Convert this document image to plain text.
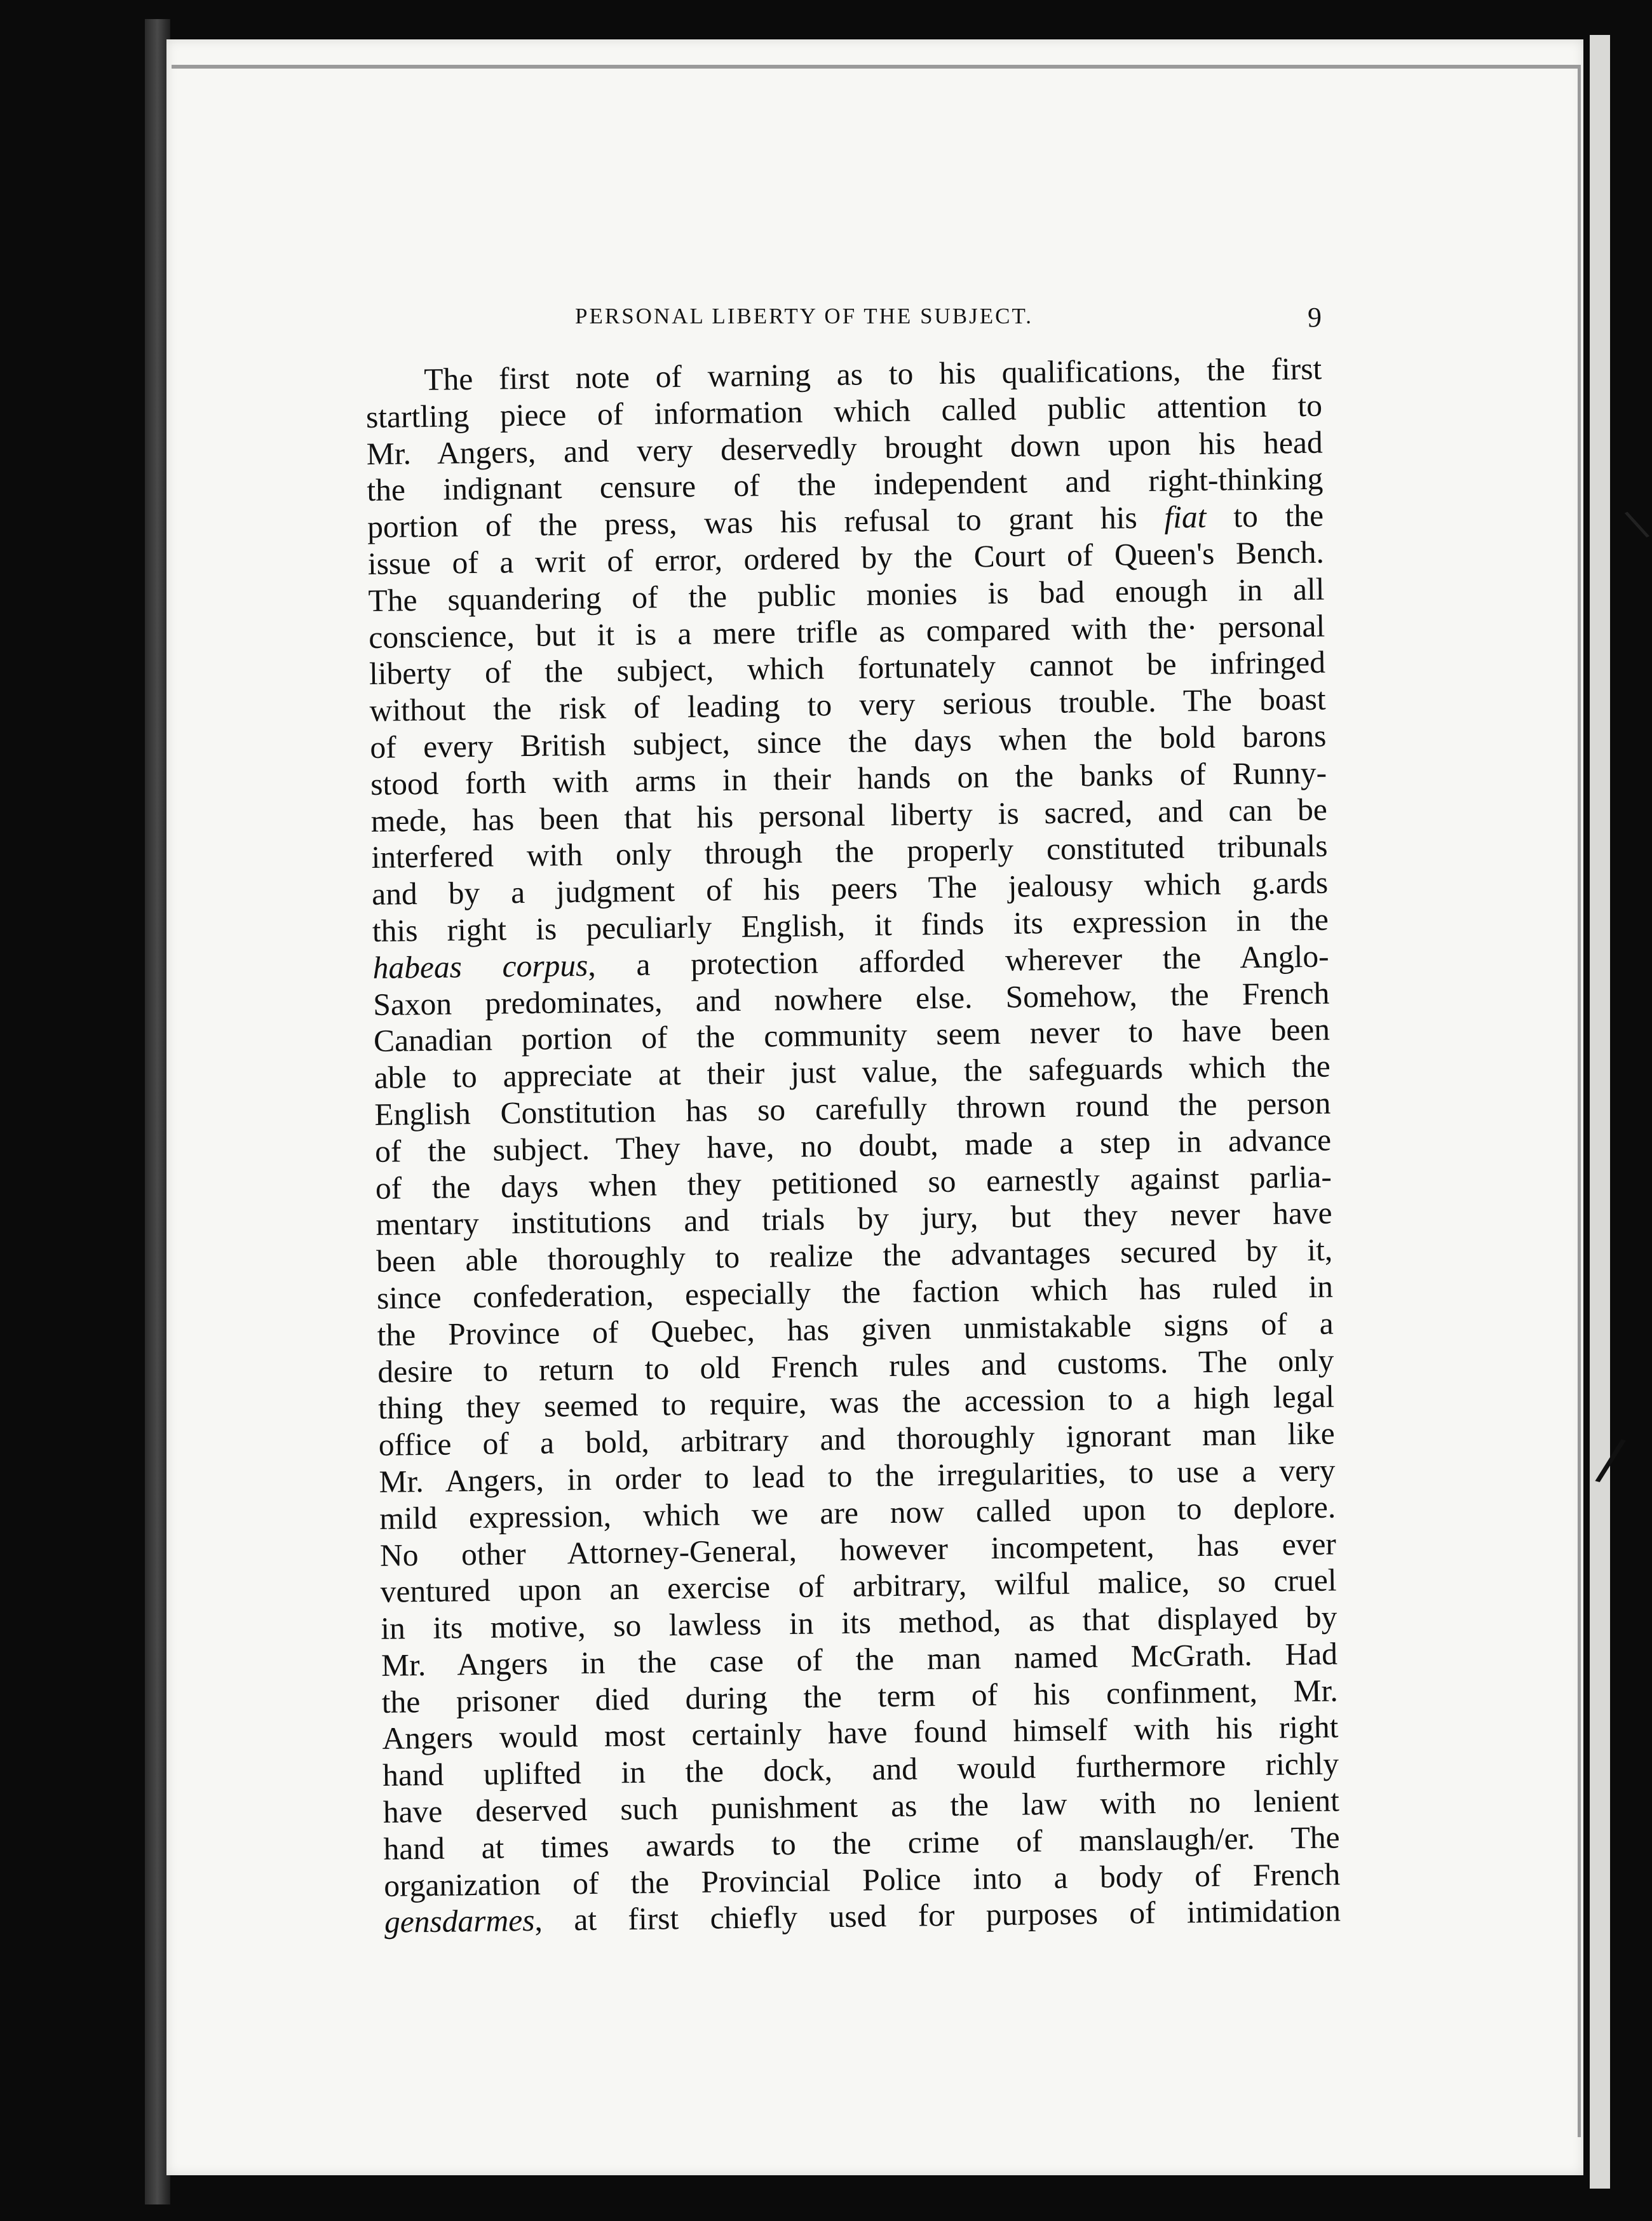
PERSONAL LIBERTY OF THE SUBJECT.	9
The first note of warning as to his qualifications, the first
startling piece of information which called public attention to
Mr. Angers, and very deservedly brought down upon his head
the indignant censure of the independent and right-thinking
portion of the press, was his refusal to grant his fiat to the
issue of a writ of error, ordered by the Court of Queen's Bench.
The squandering of the public monies is bad enough in all
conscience, but it is a mere trifle as compared with the· personal
liberty of the subject, which fortunately cannot be infringed
without the risk of leading to very serious trouble. The boast
of every British subject, since the days when the bold barons
stood forth with arms in their hands on the banks of Runny-
mede, has been that his personal liberty is sacred, and can be
interfered with only through the properly constituted tribunals
and by a judgment of his peers The jealousy which g.ards
this right is peculiarly English, it finds its expression in the
habeas corpus, a protection afforded wherever the Anglo-
Saxon predominates, and nowhere else. Somehow, the French
Canadian portion of the community seem never to have been
able to appreciate at their just value, the safeguards which the
English Constitution has so carefully thrown round the person
of the subject. They have, no doubt, made a step in advance
of the days when they petitioned so earnestly against parlia-
mentary institutions and trials by jury, but they never have
been able thoroughly to realize the advantages secured by it,
since confederation, especially the faction which has ruled in
the Province of Quebec, has given unmistakable signs of a
desire to return to old French rules and customs. The only
thing they seemed to require, was the accession to a high legal
office of a bold, arbitrary and thoroughly ignorant man like
Mr. Angers, in order to lead to the irregularities, to use a very
mild expression, which we are now called upon to deplore.
No other Attorney-General, however incompetent, has ever
ventured upon an exercise of arbitrary, wilful malice, so cruel
in its motive, so lawless in its method, as that displayed by
Mr. Angers in the case of the man named McGrath. Had
the prisoner died during the term of his confinment, Mr.
Angers would most certainly have found himself with his right
hand uplifted in the dock, and would furthermore richly
have deserved such punishment as the law with no lenient
hand at times awards to the crime of manslaugh/er. The
organization of the Provincial Police into a body of French
gensdarmes, at first chiefly used for purposes of intimidation
/
\
